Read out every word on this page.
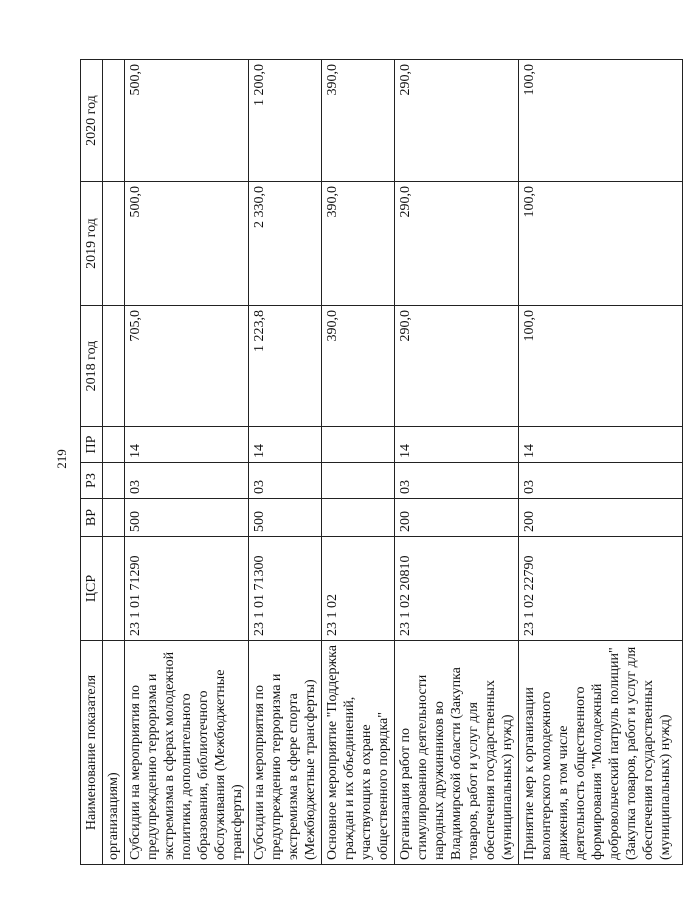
219
Наименование показателя	ЦСР	ВР	РЗ	ПР	2018 год	2019 год	2020 год
организациям)							
Субсидии на мероприятия по предупреждению терроризма и экстремизма в сферах молодежной политики, дополнительного образования, библиотечного обслуживания (Межбюджетные трансферты)	23 1 01 71290	500	03	14	705,0	500,0	500,0
Субсидии на мероприятия по предупреждению терроризма и экстремизма в сфере спорта (Межбюджетные трансферты)	23 1 01 71300	500	03	14	1 223,8	2 330,0	1 200,0
Основное мероприятие "Поддержка граждан и их объединений, участвующих в охране общественного порядка"	23 1 02				390,0	390,0	390,0
Организация работ по стимулированию деятельности народных дружинников во Владимирской области (Закупка товаров, работ и услуг для обеспечения государственных (муниципальных) нужд)	23 1 02 20810	200	03	14	290,0	290,0	290,0
Принятие мер к организации волонтерского молодежного движения, в том числе деятельность общественного формирования "Молодежный добровольческий патруль полиции" (Закупка товаров, работ и услуг для обеспечения государственных (муниципальных) нужд)	23 1 02 22790	200	03	14	100,0	100,0	100,0
